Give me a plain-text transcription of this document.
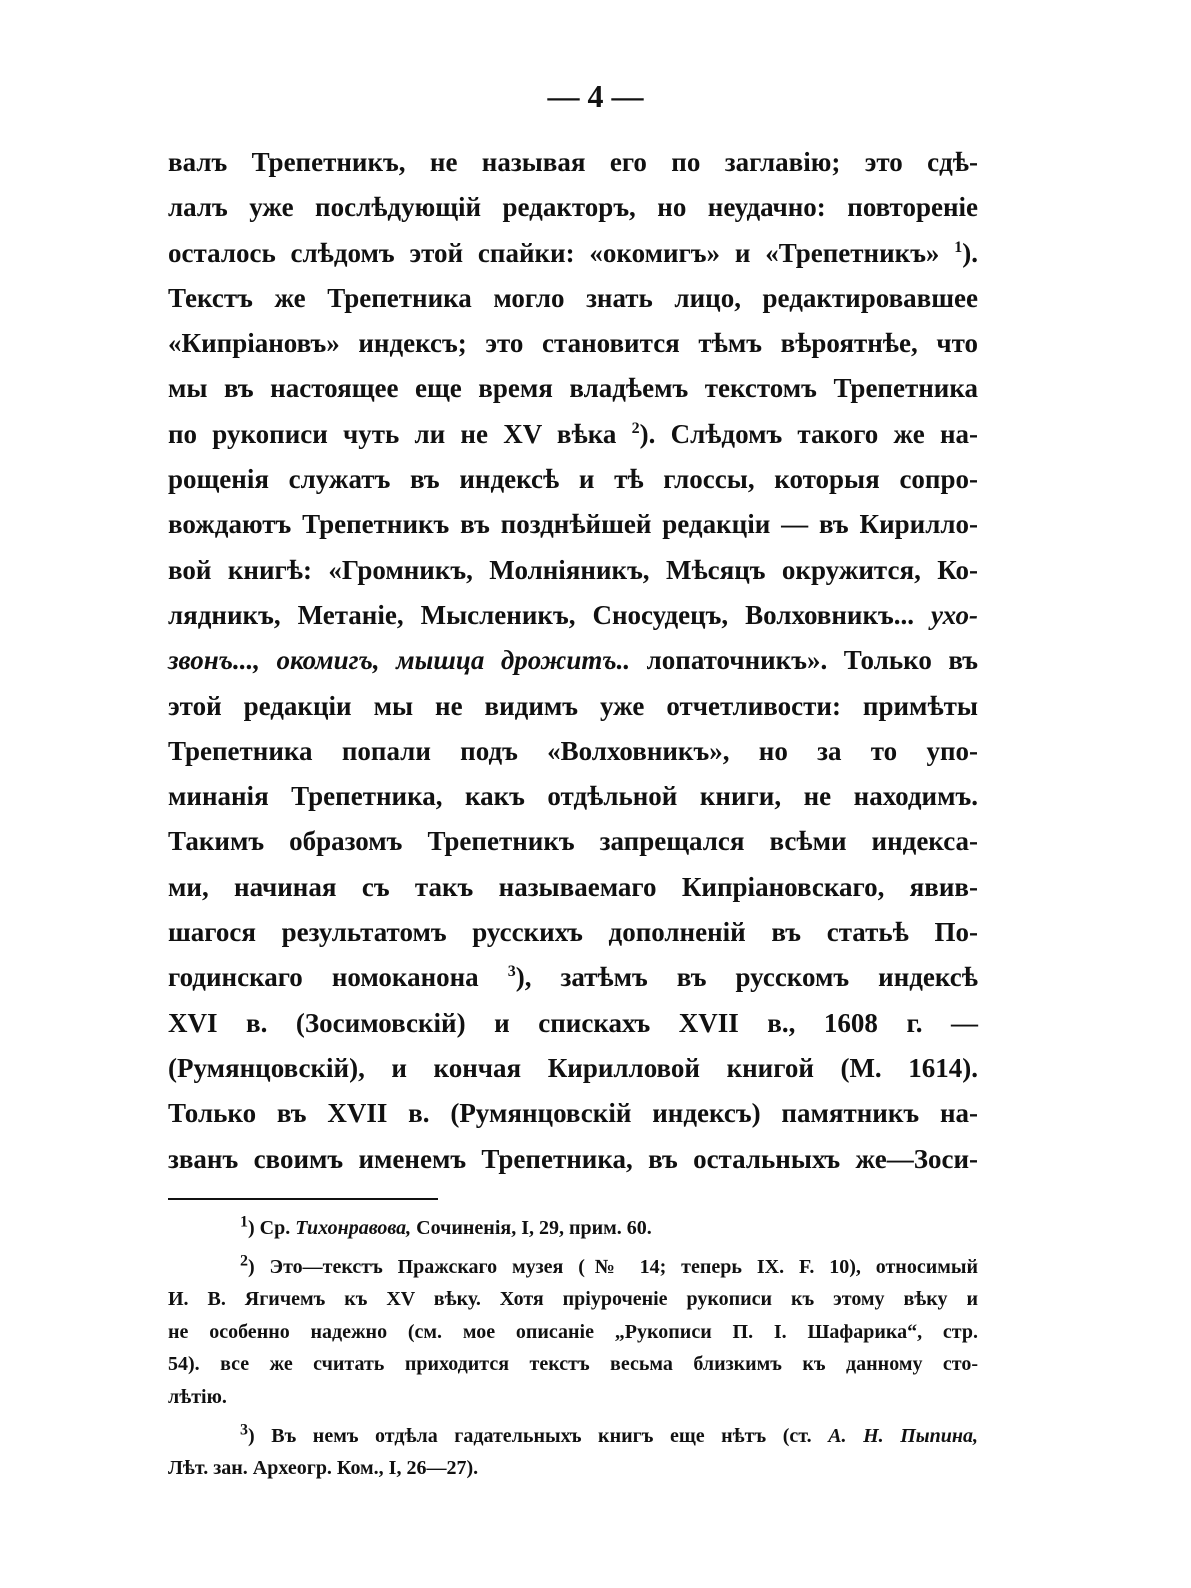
— 4 —
валъ Трепетникъ, не называя его по заглавію; это сдѣ-
лалъ уже послѣдующій редакторъ, но неудачно: повтореніе
осталось слѣдомъ этой спайки: «окомигъ» и «Трепетникъ» $^1$).
Текстъ же Трепетника могло знать лицо, редактировавшее
«Кипріановъ» индексъ; это становится тѣмъ вѣроятнѣе, что
мы въ настоящее еще время владѣемъ текстомъ Трепетника
по рукописи чуть ли не XV вѣка $^2$). Слѣдомъ такого же на-
рощенія служатъ въ индексѣ и тѣ глоссы, которыя сопро-
вождаютъ Трепетникъ въ позднѣйшей редакціи — въ Кирилло-
вой книгѣ: «Громникъ, Молніяникъ, Мѣсяцъ окружится, Ко-
лядникъ, Метаніе, Мысленикъ, Сносудецъ, Волховникъ... ухо-
звонъ..., окомигъ, мышца дрожитъ.. лопаточникъ». Только въ
этой редакціи мы не видимъ уже отчетливости: примѣты
Трепетника попали подъ «Волховникъ», но за то упо-
минанія Трепетника, какъ отдѣльной книги, не находимъ.
Такимъ образомъ Трепетникъ запрещался всѣми индекса-
ми, начиная съ такъ называемаго Кипріановскаго, явив-
шагося результатомъ русскихъ дополненій въ статьѣ По-
годинскаго номоканона $^3$), затѣмъ въ русскомъ индексѣ
XVI в. (Зосимовскій) и спискахъ XVII в., 1608 г. —
(Румянцовскій), и кончая Кирилловой книгой (М. 1614).
Только въ XVII в. (Румянцовскій индексъ) памятникъ на-
званъ своимъ именемъ Трепетника, въ остальныхъ же—Зоси-
$^1$) Ср. Тихонравова, Сочиненія, I, 29, прим. 60.
$^2$) Это—текстъ Пражскаго музея (№ 14; теперь IX. F. 10), относимый
И. В. Ягичемъ къ XV вѣку. Хотя пріуроченіе рукописи къ этому вѣку и
не особенно надежно (см. мое описаніе „Рукописи П. I. Шафарика“, стр.
54). все же считать приходится текстъ весьма близкимъ къ данному сто-
лѣтію.
$^3$) Въ немъ отдѣла гадательныхъ книгъ еще нѣтъ (ст. А. Н. Пыпина,
Лѣт. зан. Археогр. Ком., I, 26—27).
